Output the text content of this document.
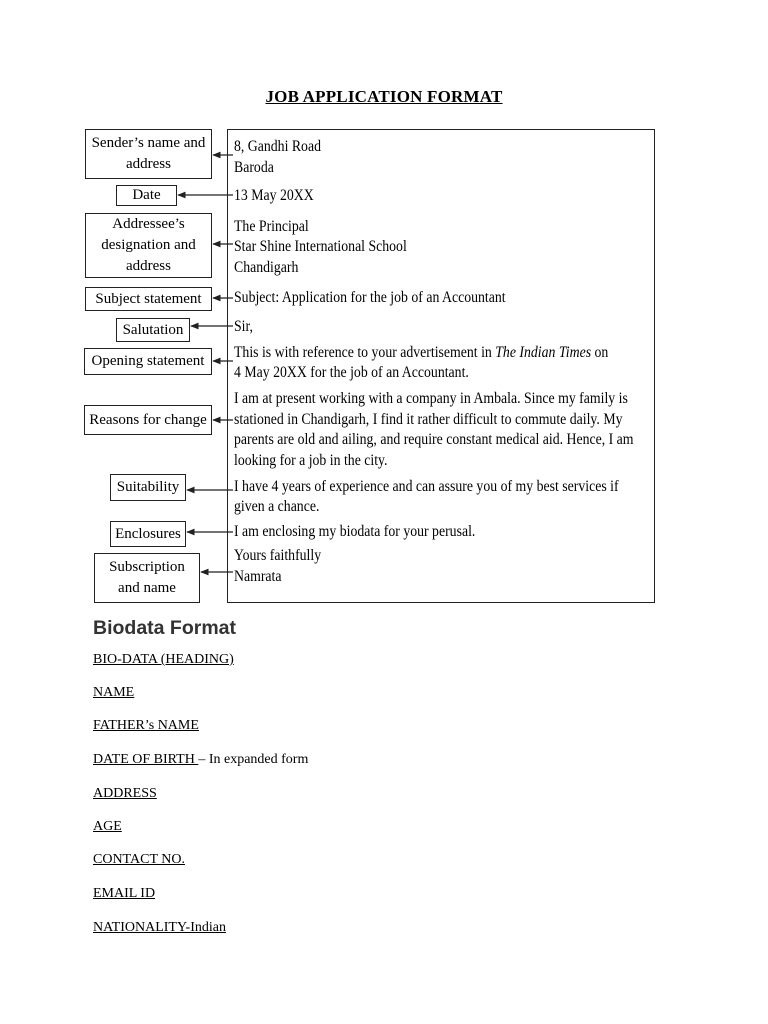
JOB APPLICATION FORMAT
Sender’s name and address
Date
Addressee’s designation and address
Subject statement
Salutation
Opening statement
Reasons for change
Suitability
Enclosures
Subscription and name
8, Gandhi Road
Baroda
13 May 20XX
The Principal
Star Shine International School
Chandigarh
Subject: Application for the job of an Accountant
Sir,
This is with reference to your advertisement in The Indian Times on
4 May 20XX for the job of an Accountant.
I am at present working with a company in Ambala. Since my family is
stationed in Chandigarh, I find it rather difficult to commute daily. My
parents are old and ailing, and require constant medical aid. Hence, I am
looking for a job in the city.
I have 4 years of experience and can assure you of my best services if
given a chance.
I am enclosing my biodata for your perusal.
Yours faithfully
Namrata
Biodata Format
BIO-DATA (HEADING)
NAME
FATHER’s NAME
DATE OF BIRTH – In expanded form
ADDRESS
AGE
CONTACT NO.
EMAIL ID
NATIONALITY-Indian
